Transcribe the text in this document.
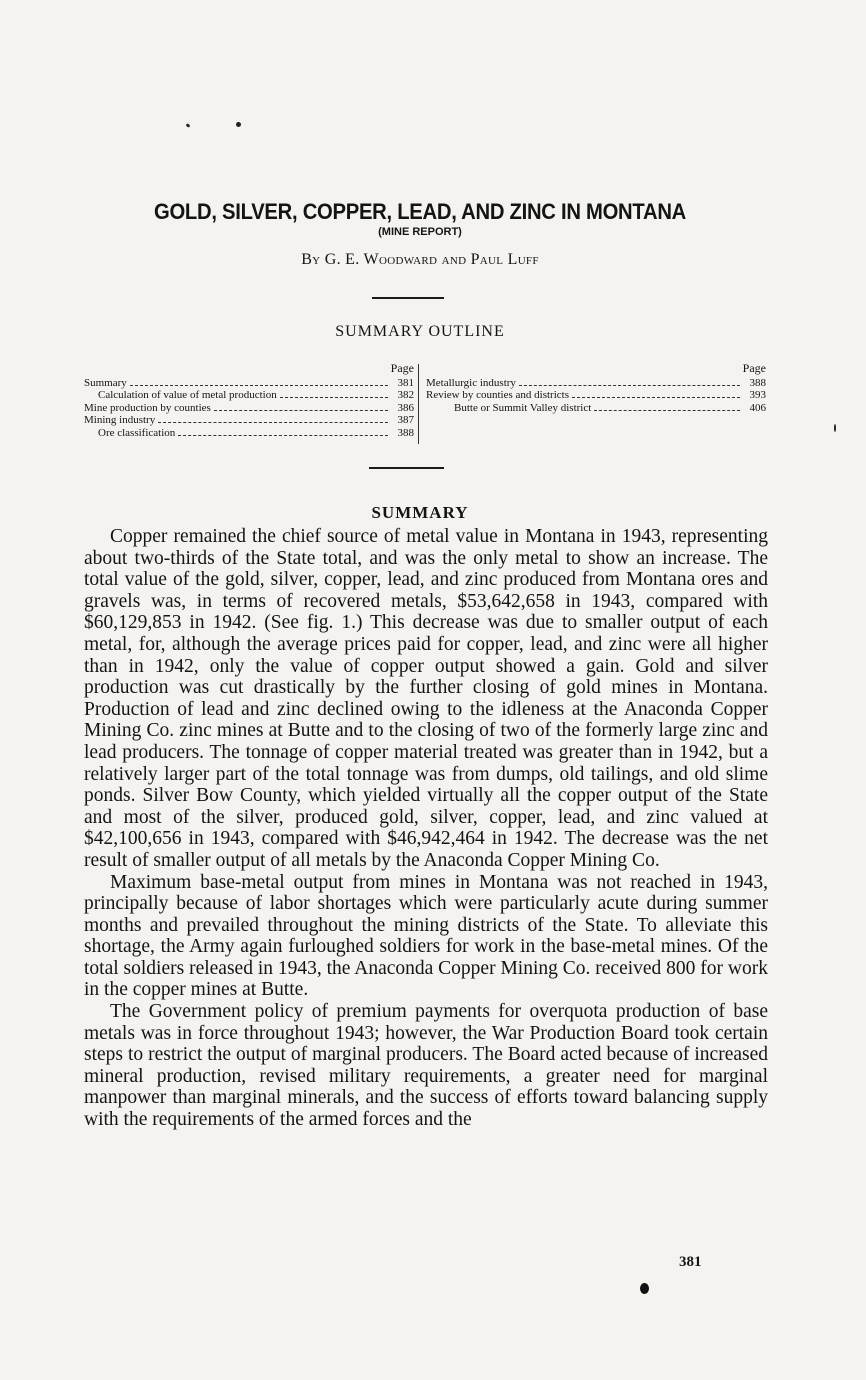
GOLD, SILVER, COPPER, LEAD, AND ZINC IN MONTANA
(MINE REPORT)
By G. E. Woodward and Paul Luff
SUMMARY OUTLINE
Page
Summary	381
Calculation of value of metal production	382
Mine production by counties	386
Mining industry	387
Ore classification	388
Page
Metallurgic industry	388
Review by counties and districts	393
Butte or Summit Valley district	406
SUMMARY

Copper remained the chief source of metal value in Montana in 1943, representing about two-thirds of the State total, and was the only metal to show an increase. The total value of the gold, silver, copper, lead, and zinc produced from Montana ores and gravels was, in terms of recovered metals, $53,642,658 in 1943, compared with $60,129,853 in 1942. (See fig. 1.) This decrease was due to smaller output of each metal, for, although the average prices paid for copper, lead, and zinc were all higher than in 1942, only the value of copper output showed a gain. Gold and silver production was cut drastically by the further closing of gold mines in Montana. Production of lead and zinc declined owing to the idleness at the Anaconda Copper Mining Co. zinc mines at Butte and to the closing of two of the formerly large zinc and lead producers. The tonnage of copper material treated was greater than in 1942, but a relatively larger part of the total tonnage was from dumps, old tailings, and old slime ponds. Silver Bow County, which yielded virtually all the copper output of the State and most of the silver, produced gold, silver, copper, lead, and zinc valued at $42,100,656 in 1943, compared with $46,942,464 in 1942. The decrease was the net result of smaller output of all metals by the Anaconda Copper Mining Co.

Maximum base-metal output from mines in Montana was not reached in 1943, principally because of labor shortages which were particularly acute during summer months and prevailed throughout the mining districts of the State. To alleviate this shortage, the Army again furloughed soldiers for work in the base-metal mines. Of the total soldiers released in 1943, the Anaconda Copper Mining Co. received 800 for work in the copper mines at Butte.

The Government policy of premium payments for overquota production of base metals was in force throughout 1943; however, the War Production Board took certain steps to restrict the output of marginal producers. The Board acted because of increased mineral production, revised military requirements, a greater need for marginal manpower than marginal minerals, and the success of efforts toward balancing supply with the requirements of the armed forces and the

381
